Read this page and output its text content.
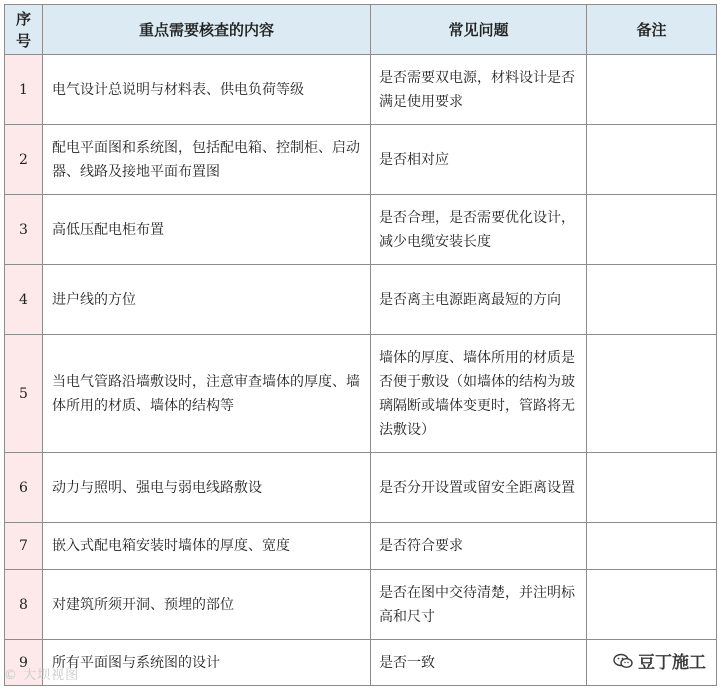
序
号	重点需要核查的内容	常见问题	备注
1	电气设计总说明与材料表、供电负荷等级	是否需要双电源，材料设计是否满足使用要求	
2	配电平面图和系统图，包括配电箱、控制柜、启动器、线路及接地平面布置图	是否相对应	
3	高低压配电柜布置	是否合理，是否需要优化设计，减少电缆安装长度	
4	进户线的方位	是否离主电源距离最短的方向	
5	当电气管路沿墙敷设时，注意审查墙体的厚度、墙体所用的材质、墙体的结构等	墙体的厚度、墙体所用的材质是否便于敷设（如墙体的结构为玻璃隔断或墙体变更时，管路将无法敷设）	
6	动力与照明、强电与弱电线路敷设	是否分开设置或留安全距离设置	
7	嵌入式配电箱安装时墙体的厚度、宽度	是否符合要求	
8	对建筑所须开洞、预埋的部位	是否在图中交待清楚，并注明标高和尺寸	
9	所有平面图与系统图的设计	是否一致	
© 大坝视图
豆丁施工
